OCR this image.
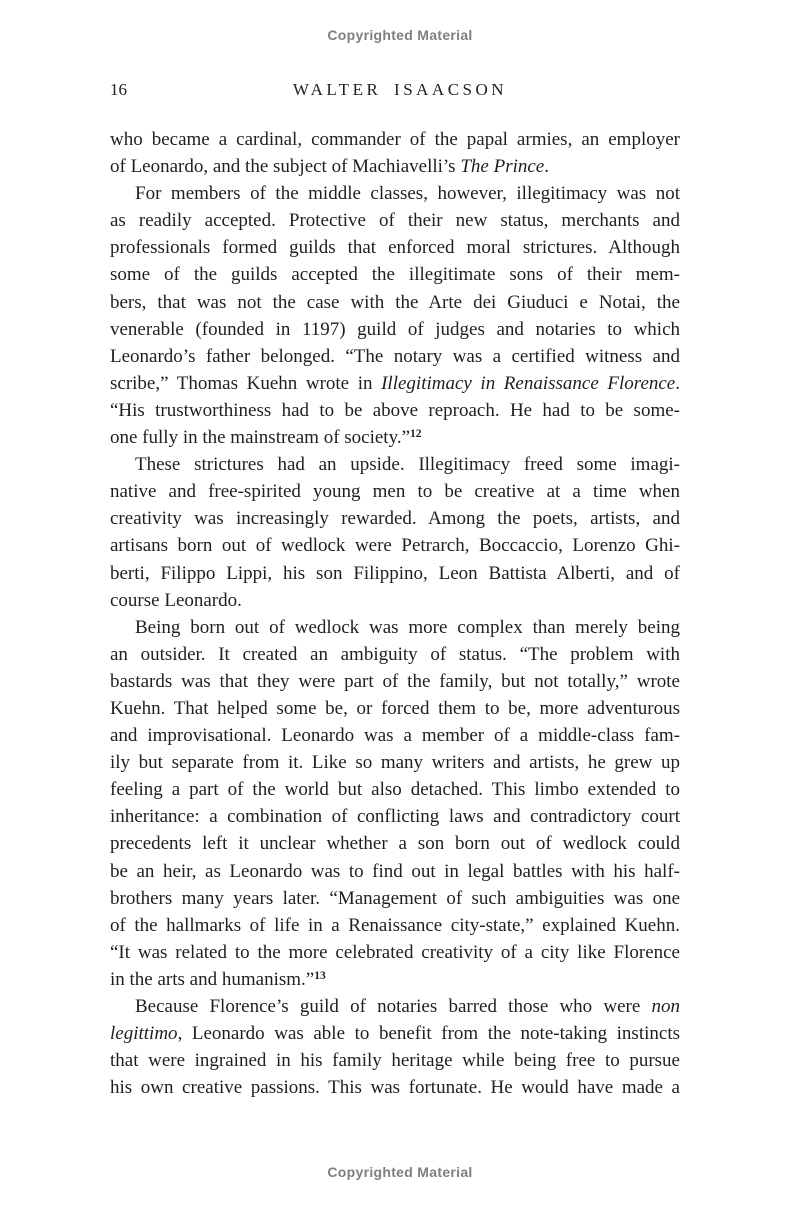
Copyrighted Material
16	WALTER ISAACSON
who became a cardinal, commander of the papal armies, an employer
of Leonardo, and the subject of Machiavelli’s The Prince.
For members of the middle classes, however, illegitimacy was not
as readily accepted. Protective of their new status, merchants and
professionals formed guilds that enforced moral strictures. Although
some of the guilds accepted the illegitimate sons of their mem-
bers, that was not the case with the Arte dei Giuduci e Notai, the
venerable (founded in 1197) guild of judges and notaries to which
Leonardo’s father belonged. “The notary was a certified witness and
scribe,” Thomas Kuehn wrote in Illegitimacy in Renaissance Florence.
“His trustworthiness had to be above reproach. He had to be some-
one fully in the mainstream of society.”$^{12}$
These strictures had an upside. Illegitimacy freed some imagi-
native and free-spirited young men to be creative at a time when
creativity was increasingly rewarded. Among the poets, artists, and
artisans born out of wedlock were Petrarch, Boccaccio, Lorenzo Ghi-
berti, Filippo Lippi, his son Filippino, Leon Battista Alberti, and of
course Leonardo.
Being born out of wedlock was more complex than merely being
an outsider. It created an ambiguity of status. “The problem with
bastards was that they were part of the family, but not totally,” wrote
Kuehn. That helped some be, or forced them to be, more adventurous
and improvisational. Leonardo was a member of a middle-class fam-
ily but separate from it. Like so many writers and artists, he grew up
feeling a part of the world but also detached. This limbo extended to
inheritance: a combination of conflicting laws and contradictory court
precedents left it unclear whether a son born out of wedlock could
be an heir, as Leonardo was to find out in legal battles with his half-
brothers many years later. “Management of such ambiguities was one
of the hallmarks of life in a Renaissance city-state,” explained Kuehn.
“It was related to the more celebrated creativity of a city like Florence
in the arts and humanism.”$^{13}$
Because Florence’s guild of notaries barred those who were non
legittimo, Leonardo was able to benefit from the note-taking instincts
that were ingrained in his family heritage while being free to pursue
his own creative passions. This was fortunate. He would have made a
Copyrighted Material
